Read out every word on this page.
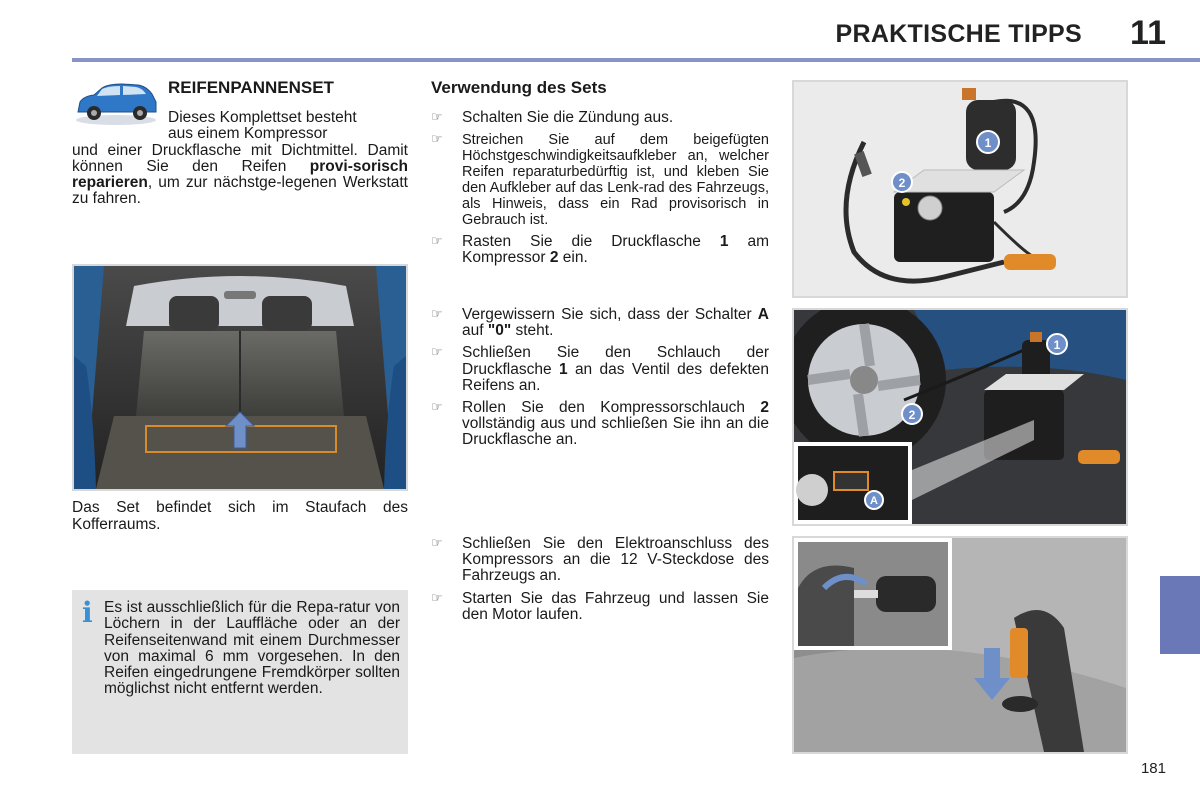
PRAKTISCHE TIPPS 11
181
REIFENPANNENSET
Dieses Komplettset besteht
aus einem Kompressor
und einer Druckflasche mit Dichtmittel. Damit können Sie den Reifen provi-sorisch reparieren, um zur nächstge-legenen Werkstatt zu fahren.
Das Set befindet sich im Staufach des Kofferraums.
i Es ist ausschließlich für die Repa-ratur von Löchern in der Lauffläche oder an der Reifenseitenwand mit einem Durchmesser von maximal 6 mm vorgesehen. In den Reifen eingedrungene Fremdkörper sollten möglichst nicht entfernt werden.
Verwendung des Sets
☞ Schalten Sie die Zündung aus.
☞ Streichen Sie auf dem beigefügten Höchstgeschwindigkeitsaufkleber an, welcher Reifen reparaturbedürftig ist, und kleben Sie den Aufkleber auf das Lenk-rad des Fahrzeugs, als Hinweis, dass ein Rad provisorisch in Gebrauch ist.
☞ Rasten Sie die Druckflasche 1 am Kompressor 2 ein.
☞ Vergewissern Sie sich, dass der Schalter A auf "0" steht.
☞ Schließen Sie den Schlauch der Druckflasche 1 an das Ventil des defekten Reifens an.
☞ Rollen Sie den Kompressorschlauch 2 vollständig aus und schließen Sie ihn an die Druckflasche an.
☞ Schließen Sie den Elektroanschluss des Kompressors an die 12 V-Steckdose des Fahrzeugs an.
☞ Starten Sie das Fahrzeug und lassen Sie den Motor laufen.
1
2
1
2
A
